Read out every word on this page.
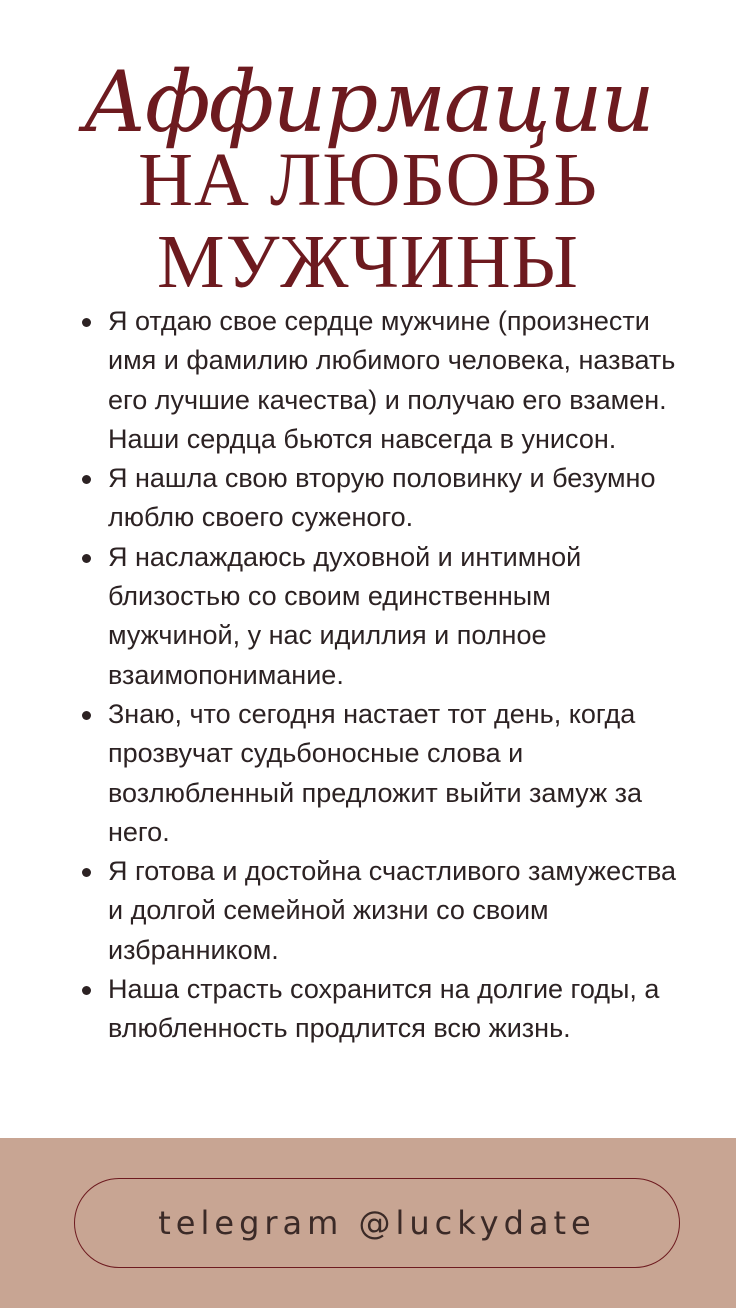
Аффирмации
НА ЛЮБОВЬ
МУЖЧИНЫ
Я отдаю свое сердце мужчине (произнести имя и фамилию любимого человека, назвать его лучшие качества) и получаю его взамен. Наши сердца бьются навсегда в унисон.
Я нашла свою вторую половинку и безумно люблю своего суженого.
Я наслаждаюсь духовной и интимной близостью со своим единственным мужчиной, у нас идиллия и полное взаимопонимание.
Знаю, что сегодня настает тот день, когда прозвучат судьбоносные слова и возлюбленный предложит выйти замуж за него.
Я готова и достойна счастливого замужества и долгой семейной жизни со своим избранником.
Наша страсть сохранится на долгие годы, а влюбленность продлится всю жизнь.
telegram @luckydate
